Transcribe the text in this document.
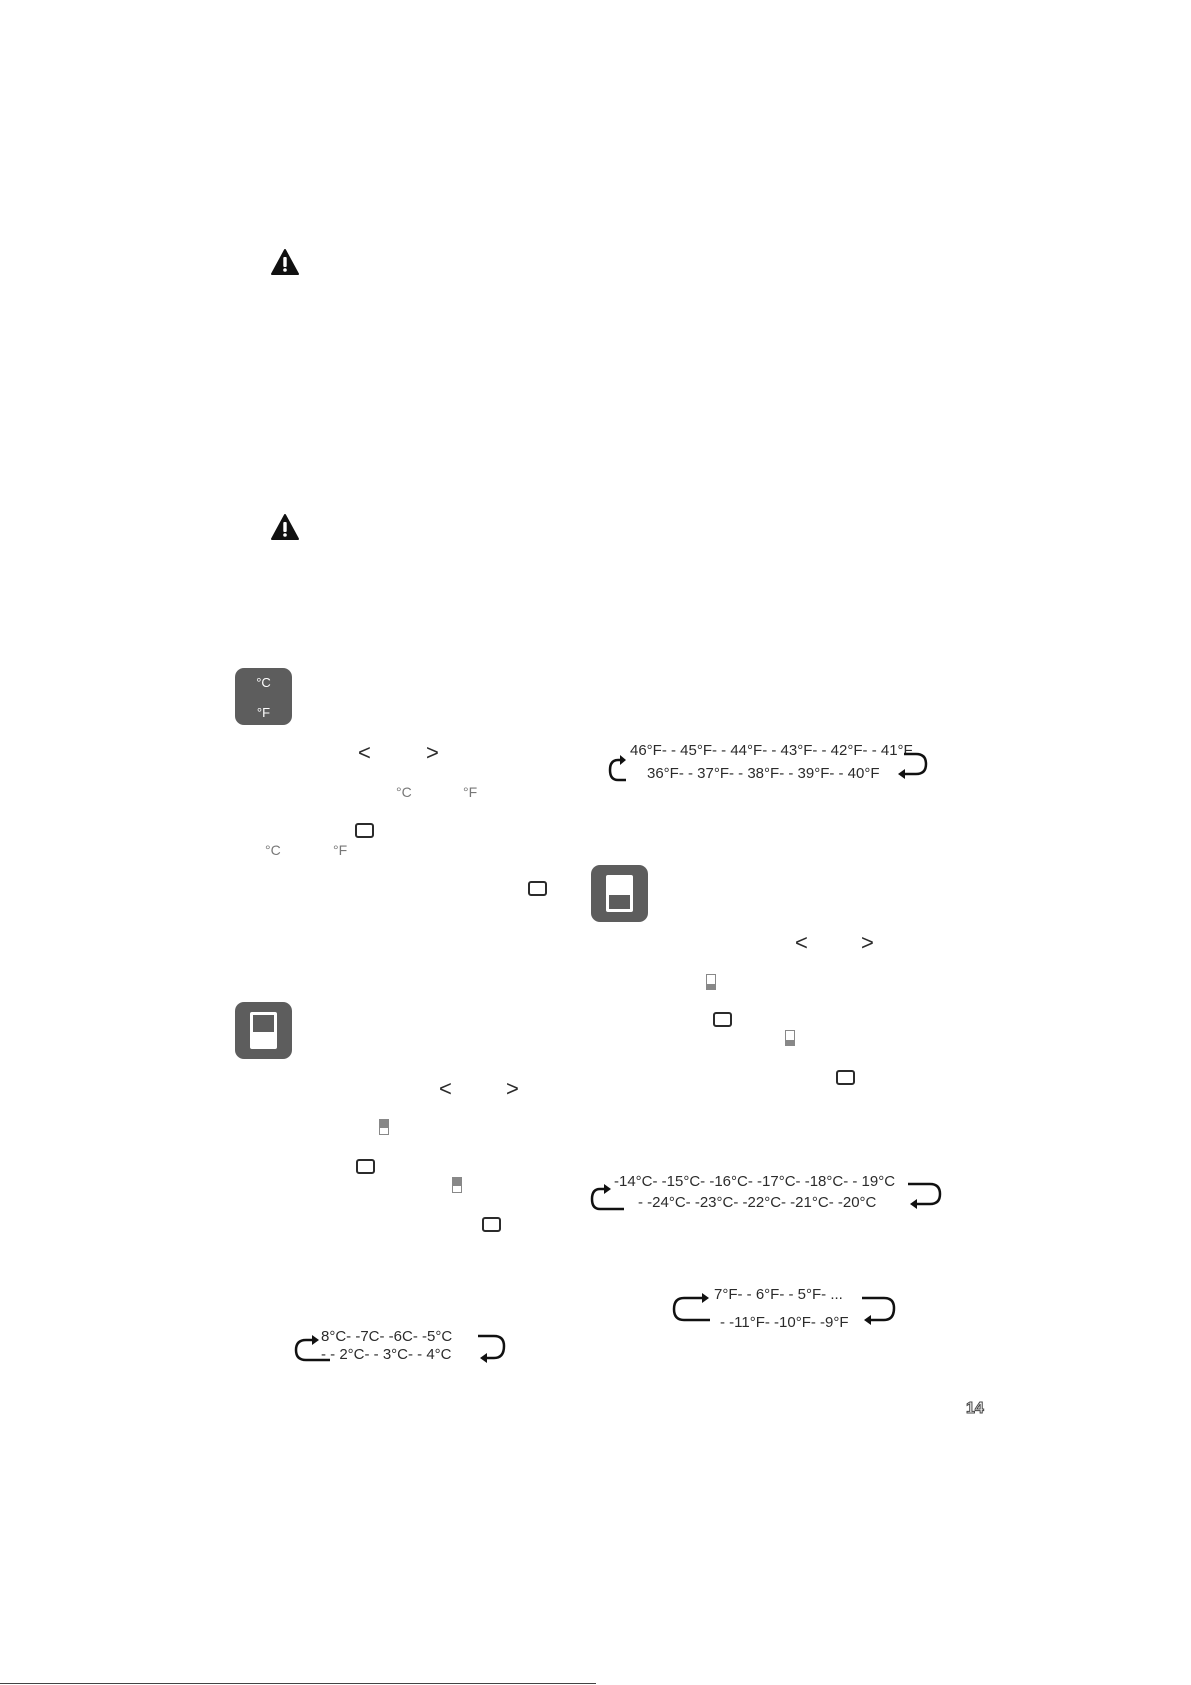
°C
°F
<	>
°C	°F
°C	°F
46°F- - 45°F- - 44°F- - 43°F- - 42°F- - 41°F
36°F- - 37°F- - 38°F- - 39°F- - 40°F
< >
-14°C- -15°C- -16°C- -17°C- -18°C- - 19°C
- -24°C- -23°C- -22°C- -21°C- -20°C
7°F- - 6°F- - 5°F- ...
- -11°F- -10°F- -9°F
< >
8°C- -7C- -6C- -5°C
- - 2°C- - 3°C- - 4°C
14
